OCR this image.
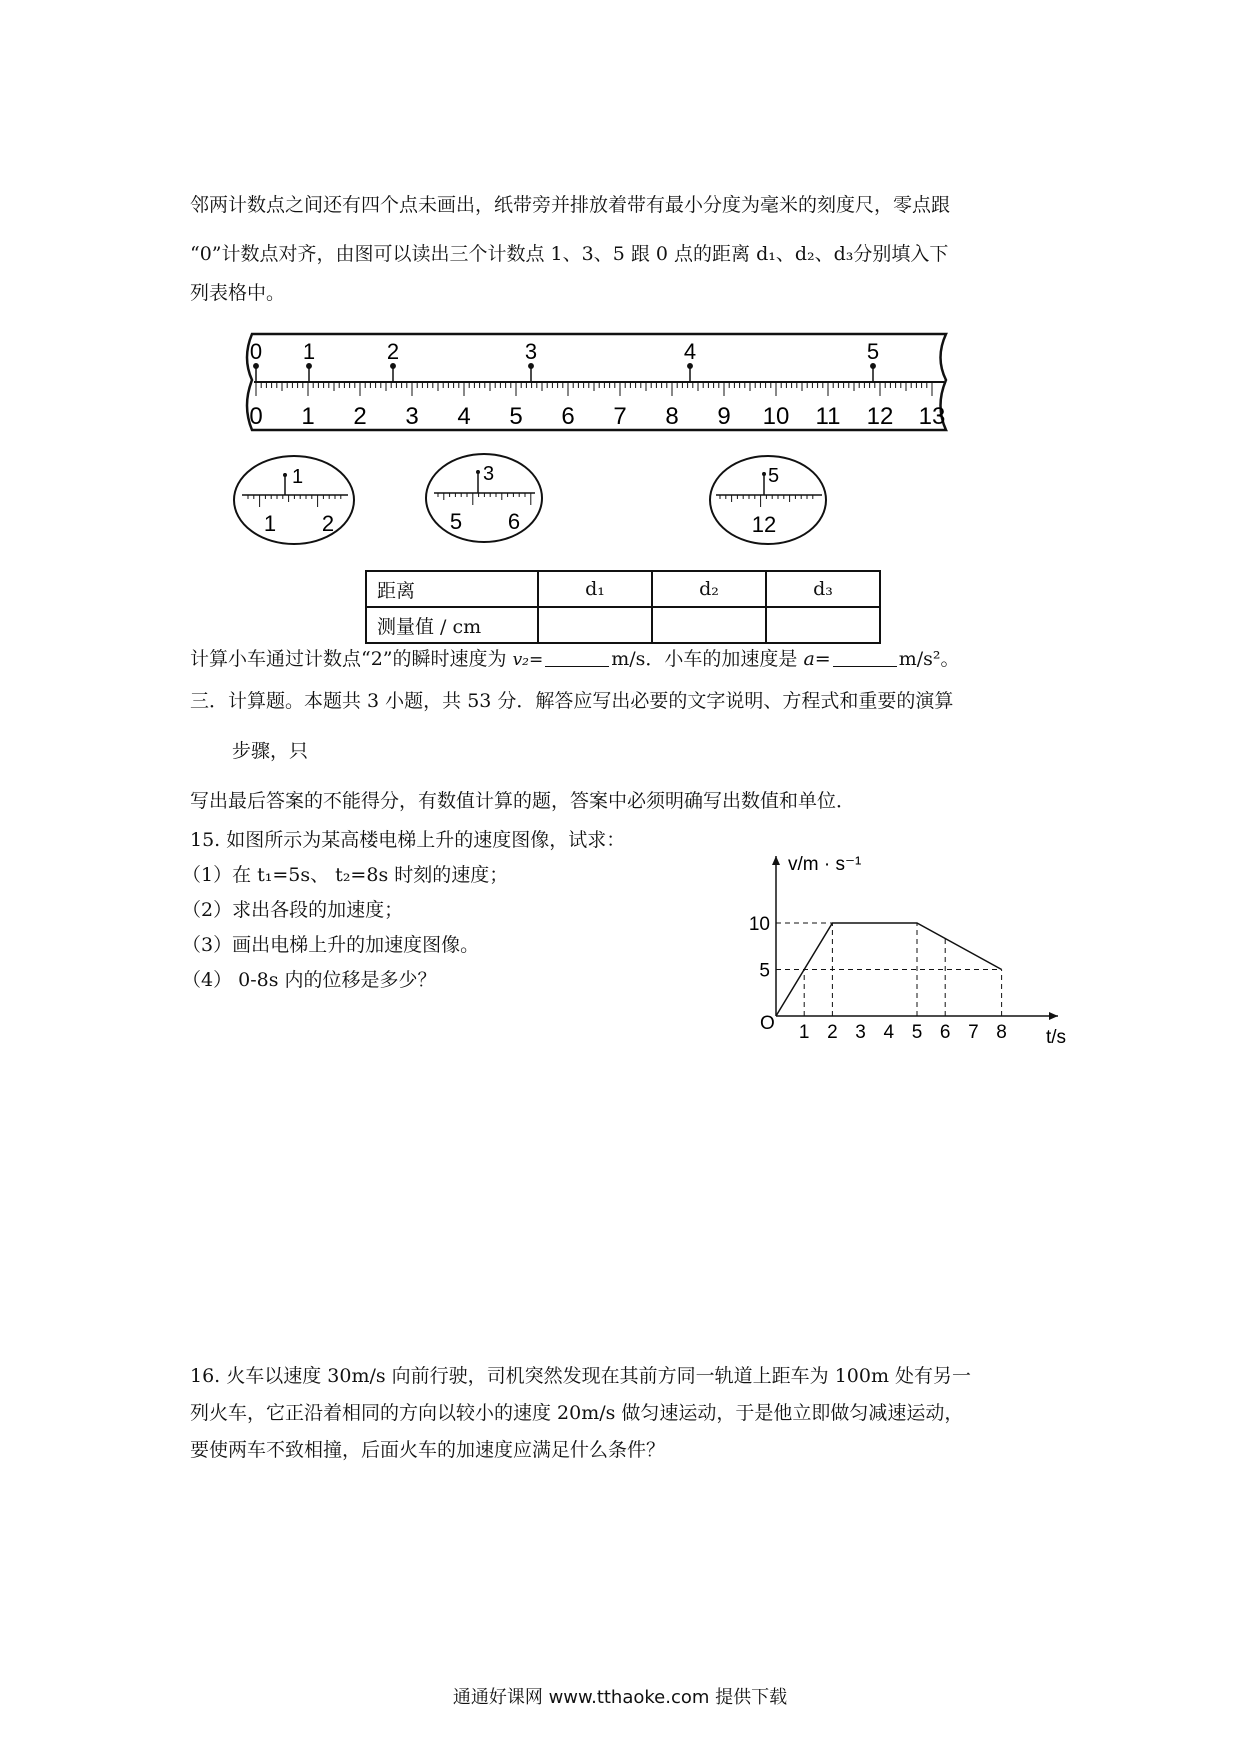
邻两计数点之间还有四个点未画出，纸带旁并排放着带有最小分度为毫米的刻度尺，零点跟
“0”计数点对齐，由图可以读出三个计数点 1、3、5 跟 0 点的距离 d₁、d₂、d₃分别填入下
列表格中。
0 1	2	3	4	5
0 1 2 3 4 5 6 7 8 9 10 11 12 13
1
1 2
3
5 6
5
12
距离	d₁	d₂	d₃
测量值 / cm			
计算小车通过计数点“2”的瞬时速度为 v₂=	m/s．小车的加速度是 a=	m/s²。
三．计算题。本题共 3 小题，共 53 分．解答应写出必要的文字说明、方程式和重要的演算
步骤，只
写出最后答案的不能得分，有数值计算的题，答案中必须明确写出数值和单位．
15. 如图所示为某高楼电梯上升的速度图像，试求：
（1）在 t₁=5s、 t₂=8s 时刻的速度；
（2）求出各段的加速度；
（3）画出电梯上升的加速度图像。
（4） 0-8s 内的位移是多少？
1 2 3 4 5 6 7 8
5
10
v/m · s⁻¹
t/s
O
16. 火车以速度 30m/s 向前行驶，司机突然发现在其前方同一轨道上距车为 100m 处有另一
列火车，它正沿着相同的方向以较小的速度 20m/s 做匀速运动，于是他立即做匀减速运动，
要使两车不致相撞，后面火车的加速度应满足什么条件？
通通好课网 www.tthaoke.com 提供下载
